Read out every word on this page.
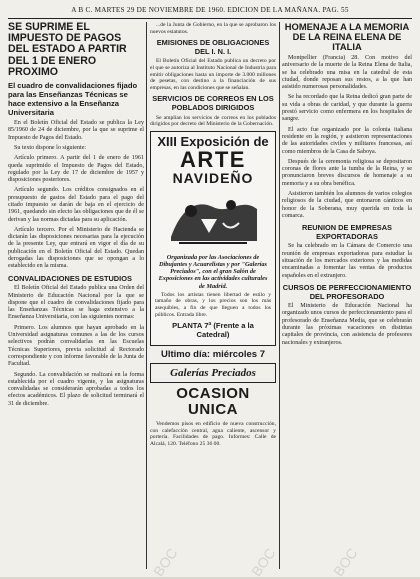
A B C. MARTES 29 DE NOVIEMBRE DE 1960. EDICION DE LA MAÑANA. PAG. 55
SE SUPRIME EL IMPUESTO DE PAGOS DEL ESTADO A PARTIR DEL 1 DE ENERO PROXIMO
El cuadro de convalidaciones fijado para las Enseñanzas Técnicas se hace extensivo a la Enseñanza Universitaria

En el Boletín Oficial del Estado se publica la Ley 85/1960 de 24 de diciembre, por la que se suprime el Impuesto de Pagos del Estado.

Su texto dispone lo siguiente:

Artículo primero. A partir del 1 de enero de 1961 queda suprimido el Impuesto de Pagos del Estado, regulado por la Ley de 17 de diciembre de 1957 y disposiciones posteriores.

Artículo segundo. Los créditos consignados en el presupuesto de gastos del Estado para el pago del citado impuesto se darán de baja en el ejercicio de 1961, quedando sin efecto las obligaciones que de él se derivan y las normas dictadas para su aplicación.

Artículo tercero. Por el Ministerio de Hacienda se dictarán las disposiciones necesarias para la ejecución de la presente Ley, que entrará en vigor el día de su publicación en el Boletín Oficial del Estado. Quedan derogadas las disposiciones que se opongan a lo establecido en la misma.

CONVALIDACIONES DE ESTUDIOS

El Boletín Oficial del Estado publica una Orden del Ministerio de Educación Nacional por la que se dispone que el cuadro de convalidaciones fijado para las Enseñanzas Técnicas se haga extensivo a la Enseñanza Universitaria, con las siguientes normas:

Primero. Los alumnos que hayan aprobado en la Universidad asignaturas comunes a las de los cursos selectivos podrán convalidarlas en las Escuelas Técnicas Superiores, previa solicitud al Rectorado correspondiente y con informe favorable de la Junta de Facultad.

Segundo. La convalidación se realizará en la forma establecida por el cuadro vigente, y las asignaturas convalidadas se considerarán aprobadas a todos los efectos académicos. El plazo de solicitud terminará el 31 de diciembre.

...de la Junta de Gobierno, en la que se aprobaron los nuevos estatutos.

EMISIONES DE OBLIGACIONES DEL I. N. I.

El Boletín Oficial del Estado publica un decreto por el que se autoriza al Instituto Nacional de Industria para emitir obligaciones hasta un importe de 3.000 millones de pesetas, con destino a la financiación de sus empresas, en las condiciones que se señalan.

SERVICIOS DE CORREOS EN LOS POBLADOS DIRIGIDOS

Se amplían los servicios de correos en los poblados dirigidos por decreto del Ministerio de la Gobernación.

XIII Exposición de
ARTE
NAVIDEÑO
Organizada por las Asociaciones de Dibujantes y Acuarelistas y por "Galerías Preciados", con el gran Salón de Exposiciones en las actividades culturales de Madrid.

Todos los artistas tienen libertad de estilo y tamaño de obras, y los precios son los más asequibles, a fin de que lleguen a todos los públicos. Entrada libre.

PLANTA 7ª (Frente a la Catedral)
Ultimo día: miércoles 7
Galerías Preciados
OCASION UNICA

Vendemos pisos en edificio de nueva construcción, con calefacción central, agua caliente, ascensor y portería. Facilidades de pago. Informes: Calle de Alcalá, 120. Teléfono 25 36 00.

HOMENAJE A LA MEMORIA DE LA REINA ELENA DE ITALIA

Montpellier (Francia) 28. Con motivo del aniversario de la muerte de la Reina Elena de Italia, se ha celebrado una misa en la catedral de esta ciudad, donde reposan sus restos, a la que han asistido numerosas personalidades.

Se ha recordado que la Reina dedicó gran parte de su vida a obras de caridad, y que durante la guerra prestó servicio como enfermera en los hospitales de sangre.

El acto fue organizado por la colonia italiana residente en la región, y asistieron representaciones de las autoridades civiles y militares francesas, así como miembros de la Casa de Saboya.

Después de la ceremonia religiosa se depositaron coronas de flores ante la tumba de la Reina, y se pronunciaron breves discursos de homenaje a su memoria y a su obra benéfica.

Asistieron también los alumnos de varios colegios religiosos de la ciudad, que entonaron cánticos en honor de la Soberana, muy querida en toda la comarca.

REUNION DE EMPRESAS EXPORTADORAS

Se ha celebrado en la Cámara de Comercio una reunión de empresas exportadoras para estudiar la situación de los mercados exteriores y las medidas encaminadas a fomentar las ventas de productos españoles en el extranjero.

CURSOS DE PERFECCIONAMIENTO DEL PROFESORADO

El Ministerio de Educación Nacional ha organizado unos cursos de perfeccionamiento para el profesorado de Enseñanza Media, que se celebrarán durante las próximas vacaciones en distintas capitales de provincia, con asistencia de profesores nacionales y extranjeros.

BOC	BOC	BOC
